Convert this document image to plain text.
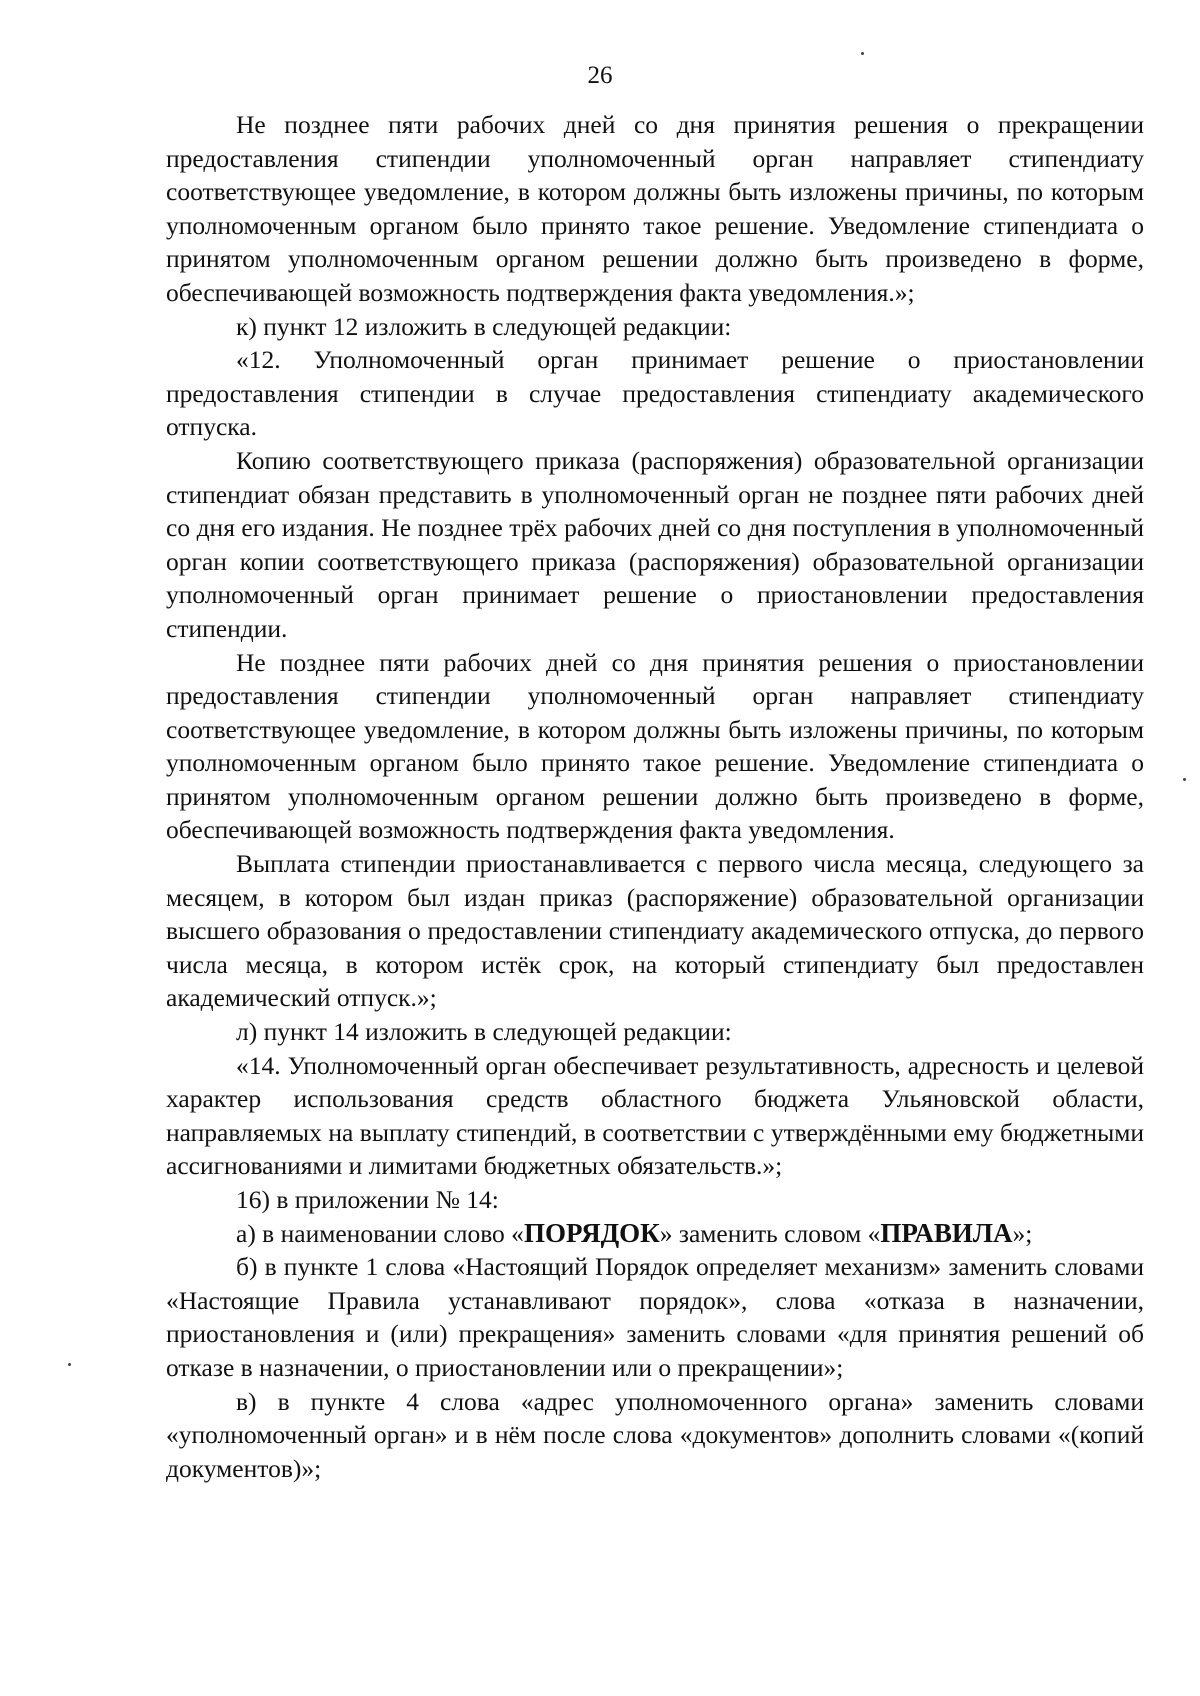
26

Не позднее пяти рабочих дней со дня принятия решения о прекращении предоставления стипендии уполномоченный орган направляет стипендиату соответствующее уведомление, в котором должны быть изложены причины, по которым уполномоченным органом было принято такое решение. Уведомление стипендиата о принятом уполномоченным органом решении должно быть произведено в форме, обеспечивающей возможность подтверждения факта уведомления.»;

к) пункт 12 изложить в следующей редакции:

«12. Уполномоченный орган принимает решение о приостановлении предоставления стипендии в случае предоставления стипендиату академического отпуска.

Копию соответствующего приказа (распоряжения) образовательной организации стипендиат обязан представить в уполномоченный орган не позднее пяти рабочих дней со дня его издания. Не позднее трёх рабочих дней со дня поступления в уполномоченный орган копии соответствующего приказа (распоряжения) образовательной организации уполномоченный орган принимает решение о приостановлении предоставления стипендии.

Не позднее пяти рабочих дней со дня принятия решения о приостановлении предоставления стипендии уполномоченный орган направляет стипендиату соответствующее уведомление, в котором должны быть изложены причины, по которым уполномоченным органом было принято такое решение. Уведомление стипендиата о принятом уполномоченным органом решении должно быть произведено в форме, обеспечивающей возможность подтверждения факта уведомления.

Выплата стипендии приостанавливается с первого числа месяца, следующего за месяцем, в котором был издан приказ (распоряжение) образовательной организации высшего образования о предоставлении стипендиату академического отпуска, до первого числа месяца, в котором истёк срок, на который стипендиату был предоставлен академический отпуск.»;

л) пункт 14 изложить в следующей редакции:

«14. Уполномоченный орган обеспечивает результативность, адресность и целевой характер использования средств областного бюджета Ульяновской области, направляемых на выплату стипендий, в соответствии с утверждёнными ему бюджетными ассигнованиями и лимитами бюджетных обязательств.»;

16) в приложении № 14:

а) в наименовании слово «ПОРЯДОК» заменить словом «ПРАВИЛА»;

б) в пункте 1 слова «Настоящий Порядок определяет механизм» заменить словами «Настоящие Правила устанавливают порядок», слова «отказа в назначении, приостановления и (или) прекращения» заменить словами «для принятия решений об отказе в назначении, о приостановлении или о прекращении»;

в) в пункте 4 слова «адрес уполномоченного органа» заменить словами «уполномоченный орган» и в нём после слова «документов» дополнить словами «(копий документов)»;
